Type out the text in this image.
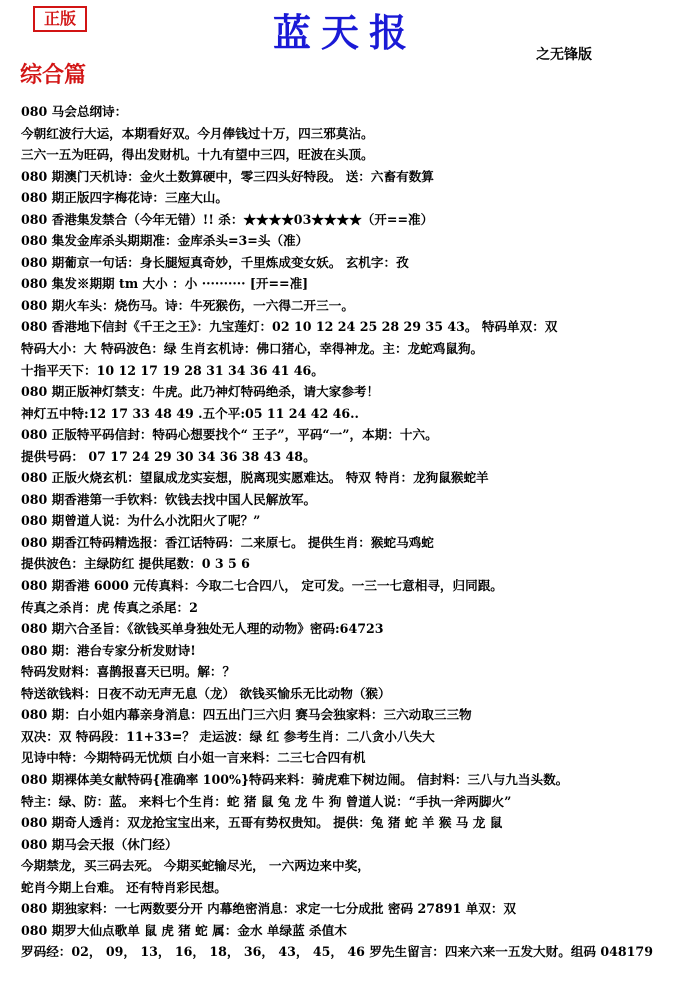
正版	蓝天报	之无锋版
综合篇
080 马会总纲诗：
今朝红波行大运，本期看好双。今月俸钱过十万，四三邪莫沾。
三六一五为旺码，得出发财机。十九有望中三四，旺波在头顶。
080 期澳门天机诗：金火土数算硬中，零三四头好特段。 送：六畜有数算
080 期正版四字梅花诗：三座大山。
080 香港集发禁合（今年无错）!! 杀：★★★★03★★★★（开==准）
080 集发金库杀头期期准：金库杀头=3=头（准）
080 期葡京一句话：身长腿短真奇妙，千里炼成变女妖。 玄机字：孜
080 集发※期期 tm 大小 ：小 ·········· [开==准]
080 期火车头：烧伤马。诗：牛死猴伤，一六得二开三一。
080 香港地下信封《千王之王》：九宝莲灯：02 10 12 24 25 28 29 35 43。 特码单双：双
特码大小：大 特码波色：绿 生肖玄机诗：佛口猪心，幸得神龙。主：龙蛇鸡鼠狗。
十指平天下：10 12 17 19 28 31 34 36 41 46。
080 期正版神灯禁支：牛虎。此乃神灯特码绝杀，请大家参考！
神灯五中特:12 17 33 48 49 .五个平:05 11 24 42 46..
080 正版特平码信封：特码心想要找个“ 王子”，平码“一”，本期：十六。
提供号码： 07 17 24 29 30 34 36 38 43 48。
080 正版火烧玄机：望鼠成龙实妄想，脱离现实愿难达。 特双 特肖：龙狗鼠猴蛇羊
080 期香港第一手钦料：钦钱去找中国人民解放军。
080 期曾道人说：为什么小沈阳火了呢？”
080 期香江特码精选报：香江话特码：二来原七。 提供生肖：猴蛇马鸡蛇
提供波色：主绿防红 提供尾数：0 3 5 6
080 期香港 6000 元传真料：今取二七合四八， 定可发。一三一七意相寻，归同跟。
传真之杀肖：虎 传真之杀尾：2
080 期六合圣旨：《欲钱买单身独处无人理的动物》密码:64723
080 期：港台专家分析发财诗!
特码发财料：喜鹊报喜天已明。解：？
特送欲钱料：日夜不动无声无息（龙） 欲钱买愉乐无比动物（猴）
080 期：白小姐内幕亲身消息：四五出门三六归 赛马会独家料：三六动取三三物
双决：双 特码段：11+33=？ 走运波：绿 红 参考生肖：二八贪小八失大
见诗中特：今期特码无忧烦 白小姐一言来料：二三七合四有机
080 期裸体美女献特码{准确率 100%}特码来料：骑虎难下树边闹。 信封料：三八与九当头数。
特主：绿、防：蓝。 来料七个生肖：蛇 猪 鼠 兔 龙 牛 狗 曾道人说：“手执一斧两脚火”
080 期奇人透肖：双龙抢宝宝出来，五哥有势权贵知。 提供：兔 猪 蛇 羊 猴 马 龙 鼠
080 期马会天报（休门经）
今期禁龙，买三码去死。 今期买蛇输尽光， 一六两边来中奖，
蛇肖今期上台难。 还有特肖彩民想。
080 期独家料：一七两数要分开 内幕绝密消息：求定一七分成批 密码 27891 单双：双
080 期罗大仙点歌单 鼠 虎 猪 蛇 属：金水 单绿蓝 杀值木
罗码经：02， 09， 13， 16， 18， 36， 43， 45， 46 罗先生留言：四来六来一五发大财。组码 048179
